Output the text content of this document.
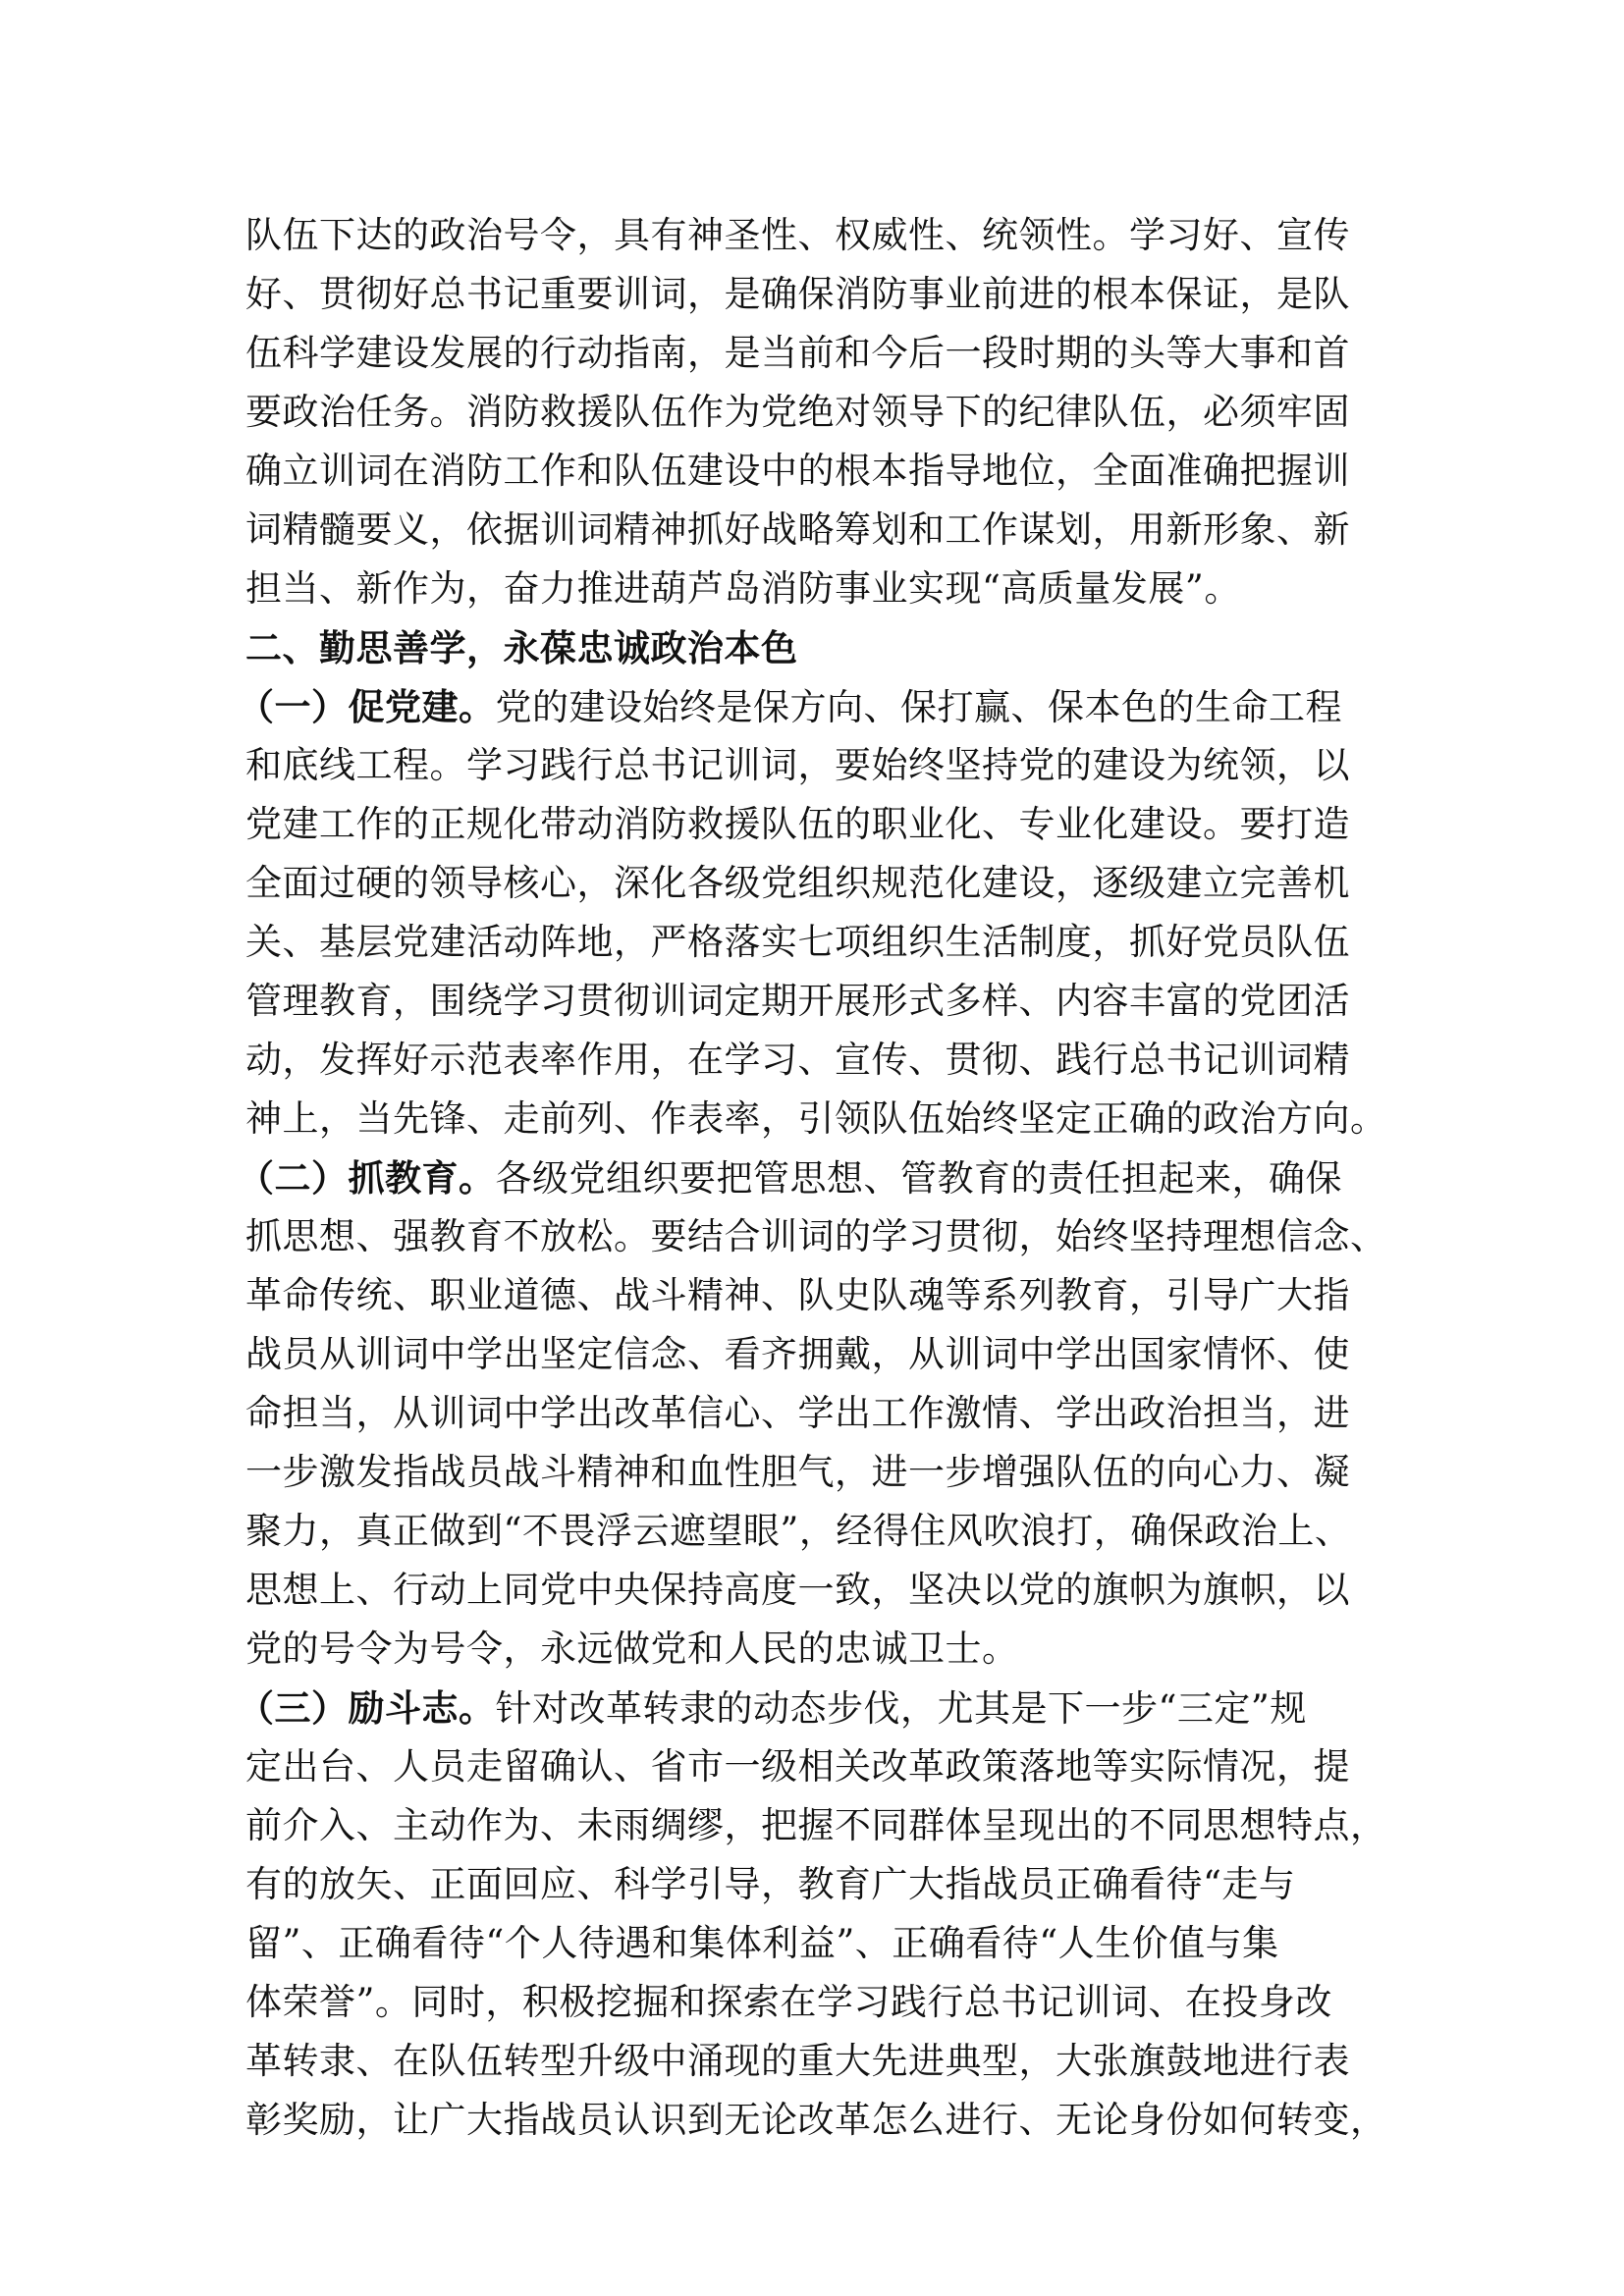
队伍下达的政治号令，具有神圣性、权威性、统领性。学习好、宣传
好、贯彻好总书记重要训词，是确保消防事业前进的根本保证，是队
伍科学建设发展的行动指南，是当前和今后一段时期的头等大事和首
要政治任务。消防救援队伍作为党绝对领导下的纪律队伍，必须牢固
确立训词在消防工作和队伍建设中的根本指导地位，全面准确把握训
词精髓要义，依据训词精神抓好战略筹划和工作谋划，用新形象、新
担当、新作为，奋力推进葫芦岛消防事业实现“高质量发展”。
二、勤思善学，永葆忠诚政治本色
（一）促党建。党的建设始终是保方向、保打赢、保本色的生命工程
和底线工程。学习践行总书记训词，要始终坚持党的建设为统领，以
党建工作的正规化带动消防救援队伍的职业化、专业化建设。要打造
全面过硬的领导核心，深化各级党组织规范化建设，逐级建立完善机
关、基层党建活动阵地，严格落实七项组织生活制度，抓好党员队伍
管理教育，围绕学习贯彻训词定期开展形式多样、内容丰富的党团活
动，发挥好示范表率作用，在学习、宣传、贯彻、践行总书记训词精
神上，当先锋、走前列、作表率，引领队伍始终坚定正确的政治方向。
（二）抓教育。各级党组织要把管思想、管教育的责任担起来，确保
抓思想、强教育不放松。要结合训词的学习贯彻，始终坚持理想信念、
革命传统、职业道德、战斗精神、队史队魂等系列教育，引导广大指
战员从训词中学出坚定信念、看齐拥戴，从训词中学出国家情怀、使
命担当，从训词中学出改革信心、学出工作激情、学出政治担当，进
一步激发指战员战斗精神和血性胆气，进一步增强队伍的向心力、凝
聚力，真正做到“不畏浮云遮望眼”，经得住风吹浪打，确保政治上、
思想上、行动上同党中央保持高度一致，坚决以党的旗帜为旗帜，以
党的号令为号令，永远做党和人民的忠诚卫士。
（三）励斗志。针对改革转隶的动态步伐，尤其是下一步“三定”规
定出台、人员走留确认、省市一级相关改革政策落地等实际情况，提
前介入、主动作为、未雨绸缪，把握不同群体呈现出的不同思想特点，
有的放矢、正面回应、科学引导，教育广大指战员正确看待“走与
留”、正确看待“个人待遇和集体利益”、正确看待“人生价值与集
体荣誉”。同时，积极挖掘和探索在学习践行总书记训词、在投身改
革转隶、在队伍转型升级中涌现的重大先进典型，大张旗鼓地进行表
彰奖励，让广大指战员认识到无论改革怎么进行、无论身份如何转变，
